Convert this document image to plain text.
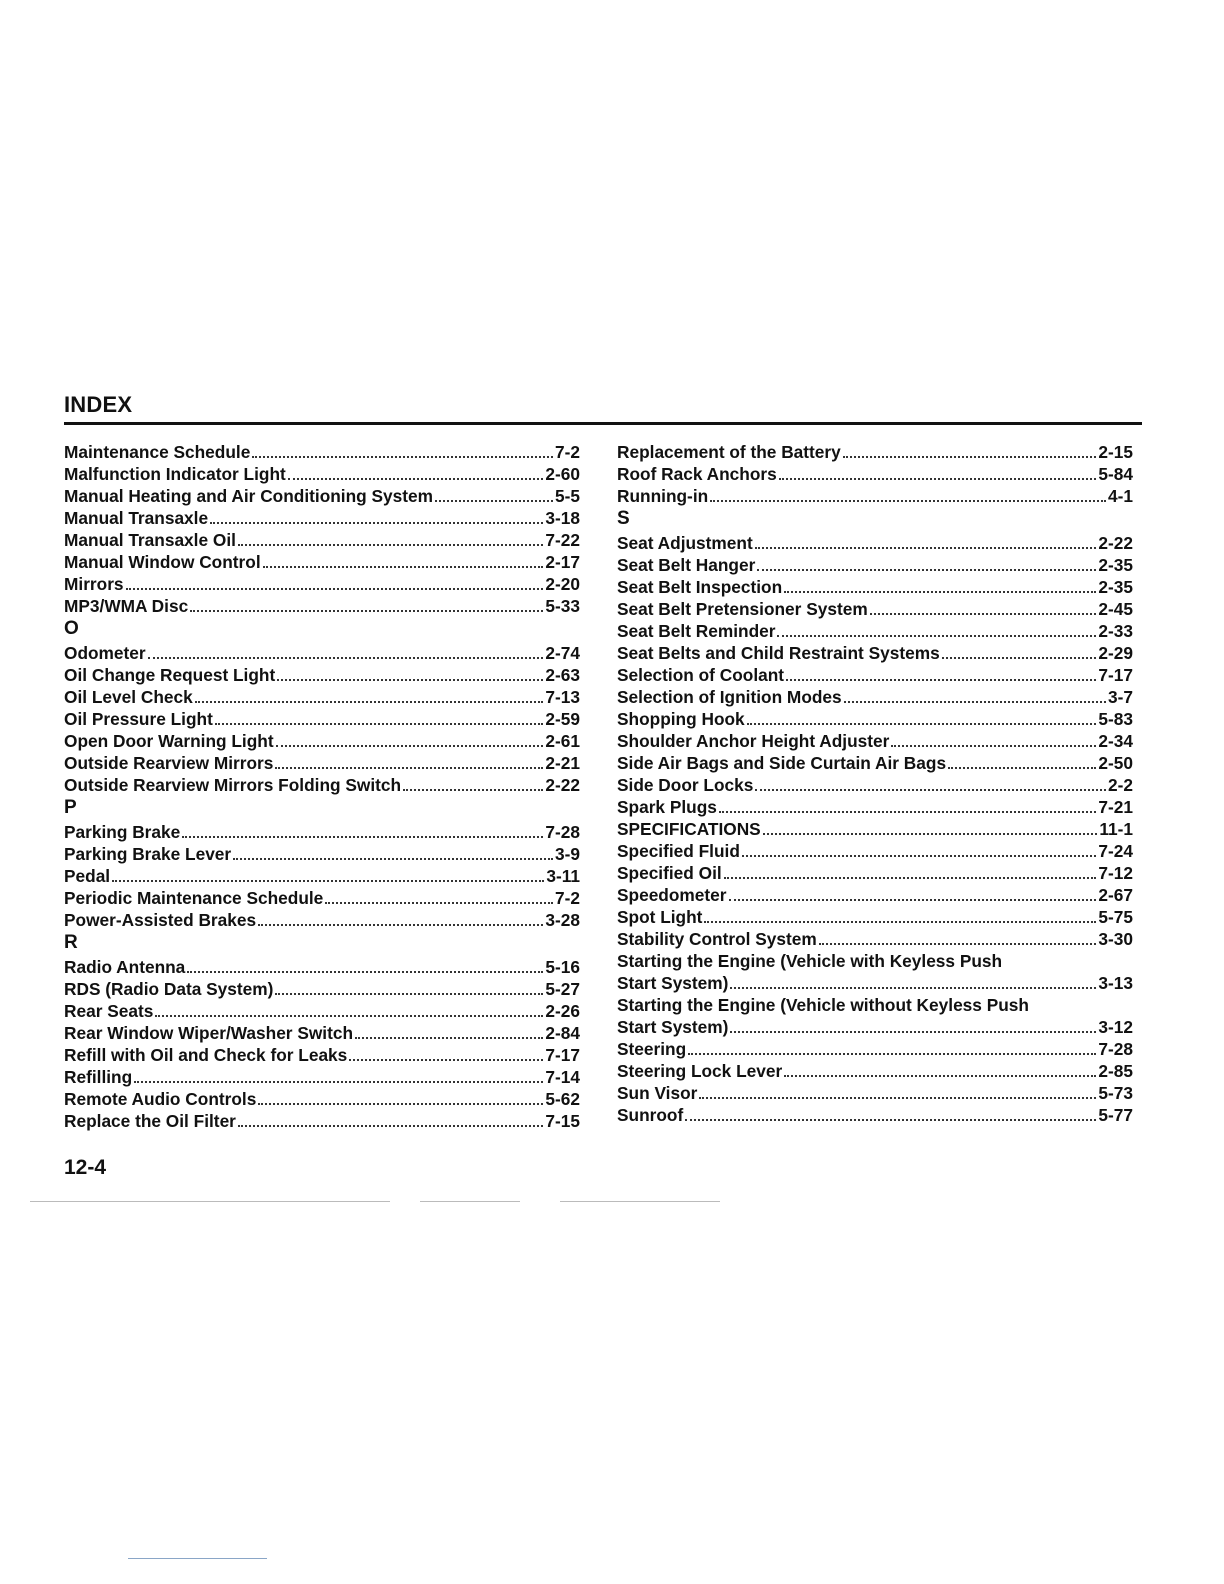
INDEX
Maintenance Schedule	7-2
Malfunction Indicator Light	2-60
Manual Heating and Air Conditioning System	5-5
Manual Transaxle	3-18
Manual Transaxle Oil	7-22
Manual Window Control	2-17
Mirrors	2-20
MP3/WMA Disc	5-33
O
Odometer	2-74
Oil Change Request Light	2-63
Oil Level Check	7-13
Oil Pressure Light	2-59
Open Door Warning Light	2-61
Outside Rearview Mirrors	2-21
Outside Rearview Mirrors Folding Switch	2-22
P
Parking Brake	7-28
Parking Brake Lever	3-9
Pedal	3-11
Periodic Maintenance Schedule	7-2
Power-Assisted Brakes	3-28
R
Radio Antenna	5-16
RDS (Radio Data System)	5-27
Rear Seats	2-26
Rear Window Wiper/Washer Switch	2-84
Refill with Oil and Check for Leaks	7-17
Refilling	7-14
Remote Audio Controls	5-62
Replace the Oil Filter	7-15
Replacement of the Battery	2-15
Roof Rack Anchors	5-84
Running-in	4-1
S
Seat Adjustment	2-22
Seat Belt Hanger	2-35
Seat Belt Inspection	2-35
Seat Belt Pretensioner System	2-45
Seat Belt Reminder	2-33
Seat Belts and Child Restraint Systems	2-29
Selection of Coolant	7-17
Selection of Ignition Modes	3-7
Shopping Hook	5-83
Shoulder Anchor Height Adjuster	2-34
Side Air Bags and Side Curtain Air Bags	2-50
Side Door Locks	2-2
Spark Plugs	7-21
SPECIFICATIONS	11-1
Specified Fluid	7-24
Specified Oil	7-12
Speedometer	2-67
Spot Light	5-75
Stability Control System	3-30
Starting the Engine (Vehicle with Keyless Push
Start System)	3-13
Starting the Engine (Vehicle without Keyless Push
Start System)	3-12
Steering	7-28
Steering Lock Lever	2-85
Sun Visor	5-73
Sunroof	5-77
12-4
